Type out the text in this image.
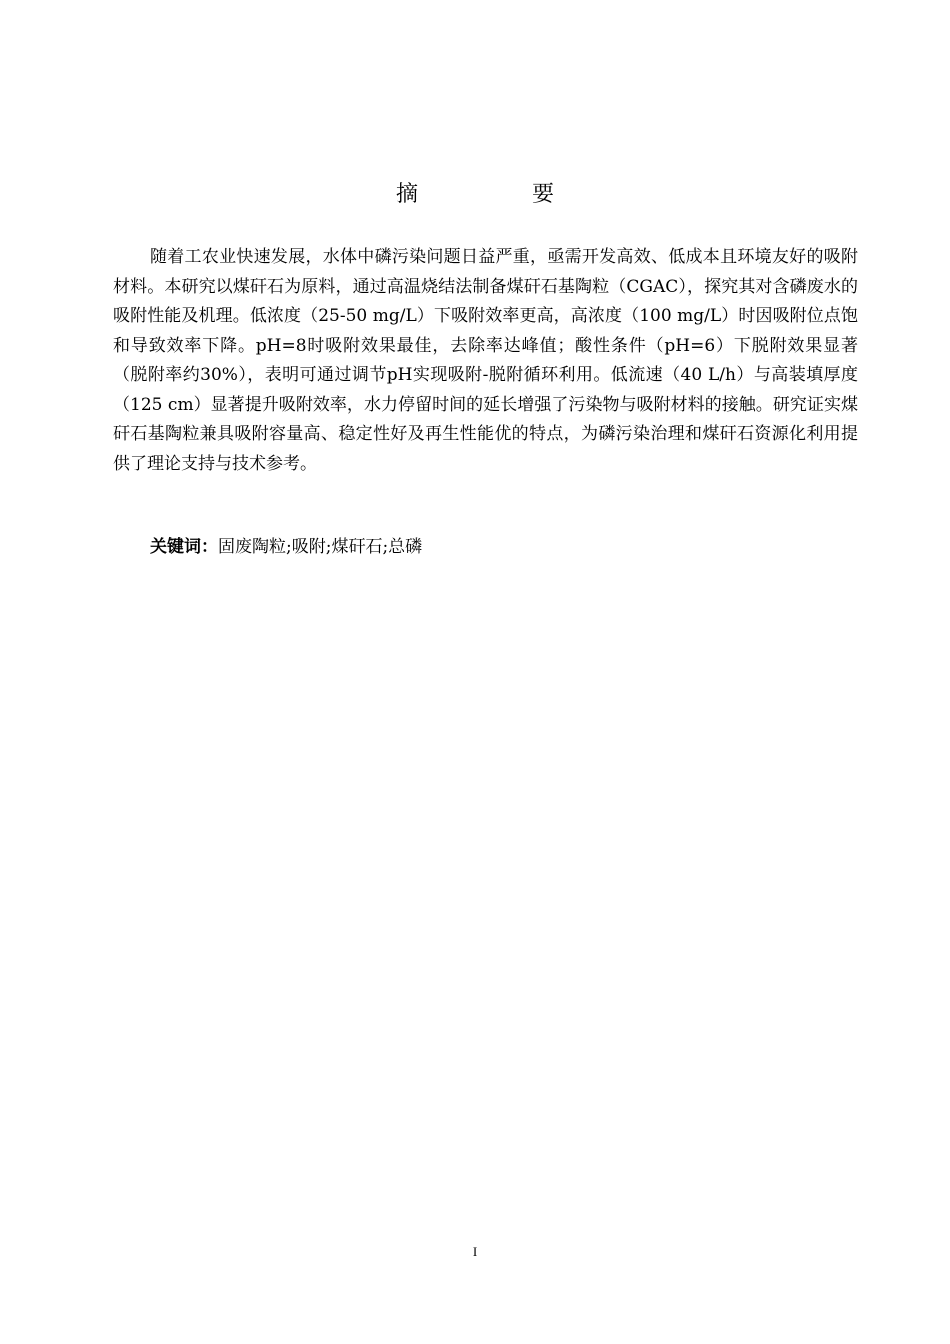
摘　要

随着工农业快速发展，水体中磷污染问题日益严重，亟需开发高效、低成本且环境友好的吸附材料。本研究以煤矸石为原料，通过高温烧结法制备煤矸石基陶粒（CGAC），探究其对含磷废水的吸附性能及机理。低浓度（25-50 mg/L）下吸附效率更高，高浓度（100 mg/L）时因吸附位点饱和导致效率下降。pH=8时吸附效果最佳，去除率达峰值；酸性条件（pH=6）下脱附效果显著（脱附率约30%），表明可通过调节pH实现吸附-脱附循环利用。低流速（40 L/h）与高装填厚度（125 cm）显著提升吸附效率，水力停留时间的延长增强了污染物与吸附材料的接触。研究证实煤矸石基陶粒兼具吸附容量高、稳定性好及再生性能优的特点，为磷污染治理和煤矸石资源化利用提供了理论支持与技术参考。

关键词：固废陶粒;吸附;煤矸石;总磷

I
